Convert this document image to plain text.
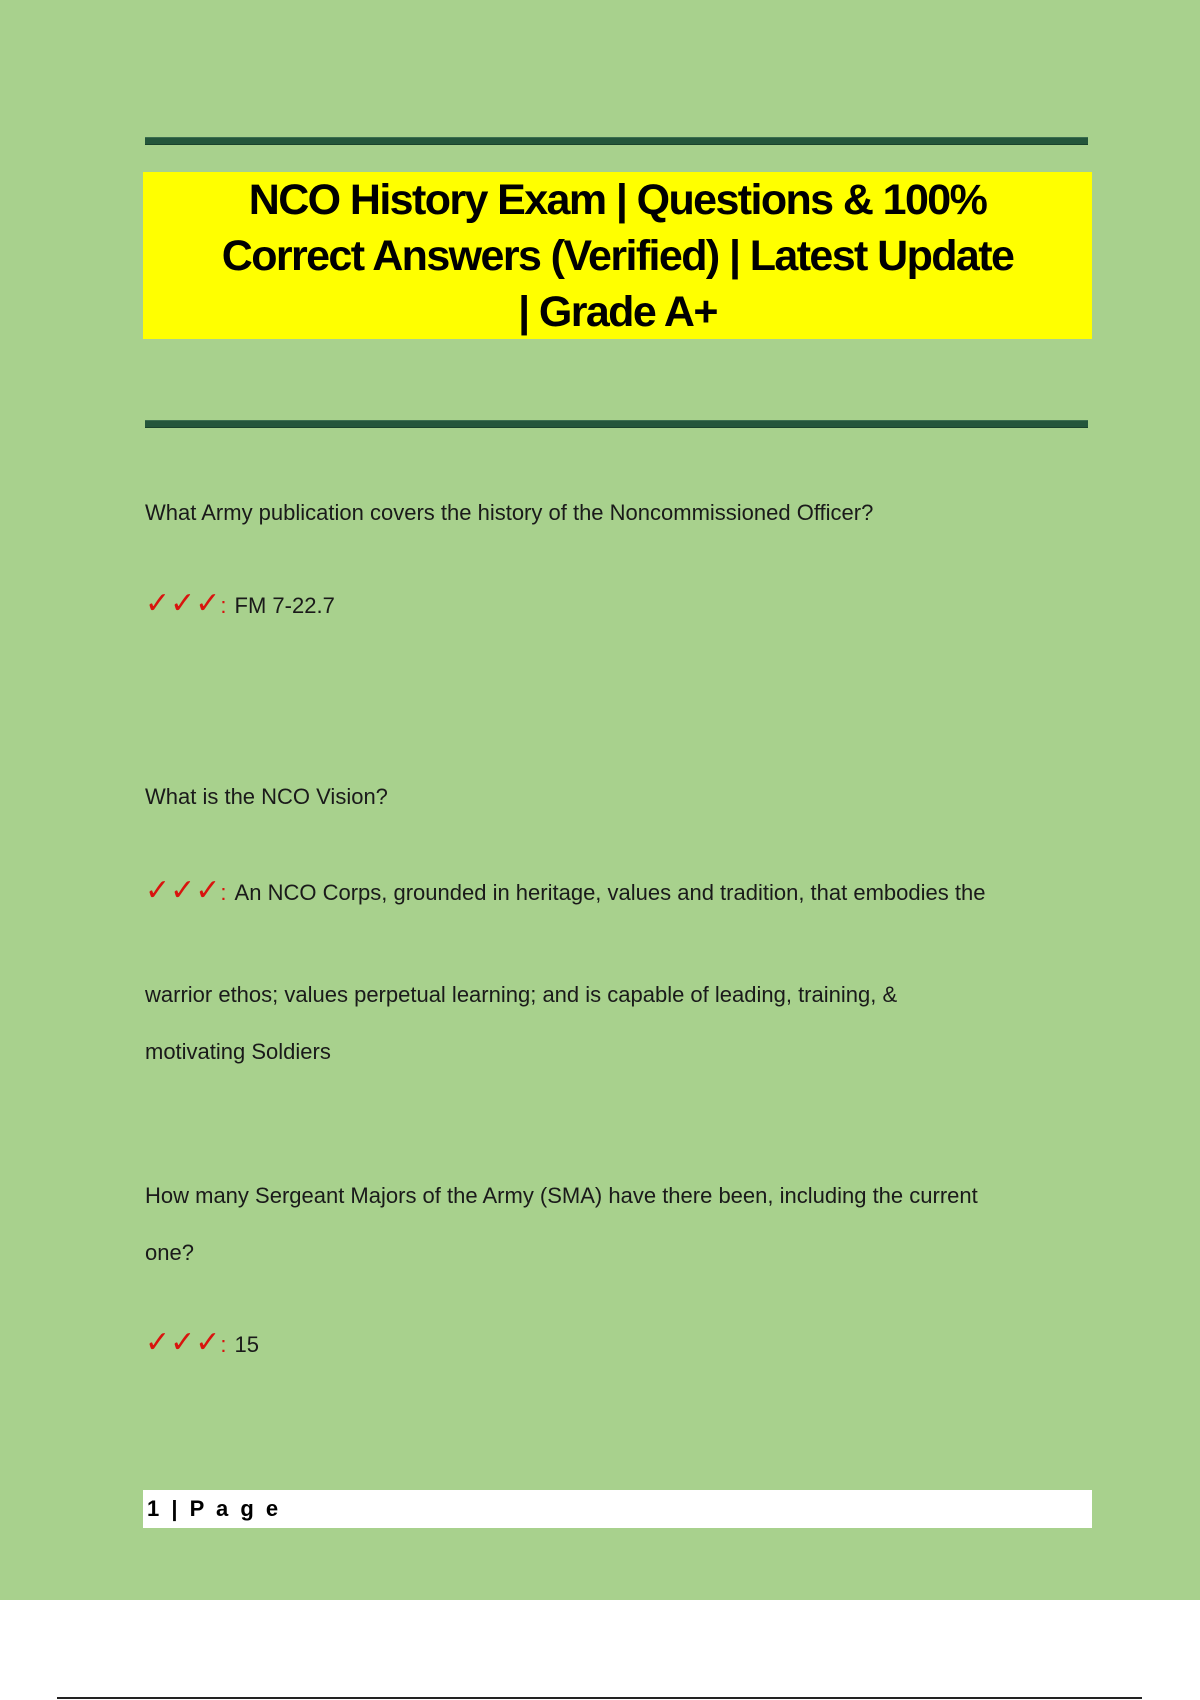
NCO History Exam | Questions & 100%
Correct Answers (Verified) | Latest Update
| Grade A+
What Army publication covers the history of the Noncommissioned Officer?
✓✓✓ : FM 7-22.7
What is the NCO Vision?
✓✓✓ : An NCO Corps, grounded in heritage, values and tradition, that embodies the
warrior ethos; values perpetual learning; and is capable of leading, training, &
motivating Soldiers
How many Sergeant Majors of the Army (SMA) have there been, including the current
one?
✓✓✓ : 15
1 | P a g e
